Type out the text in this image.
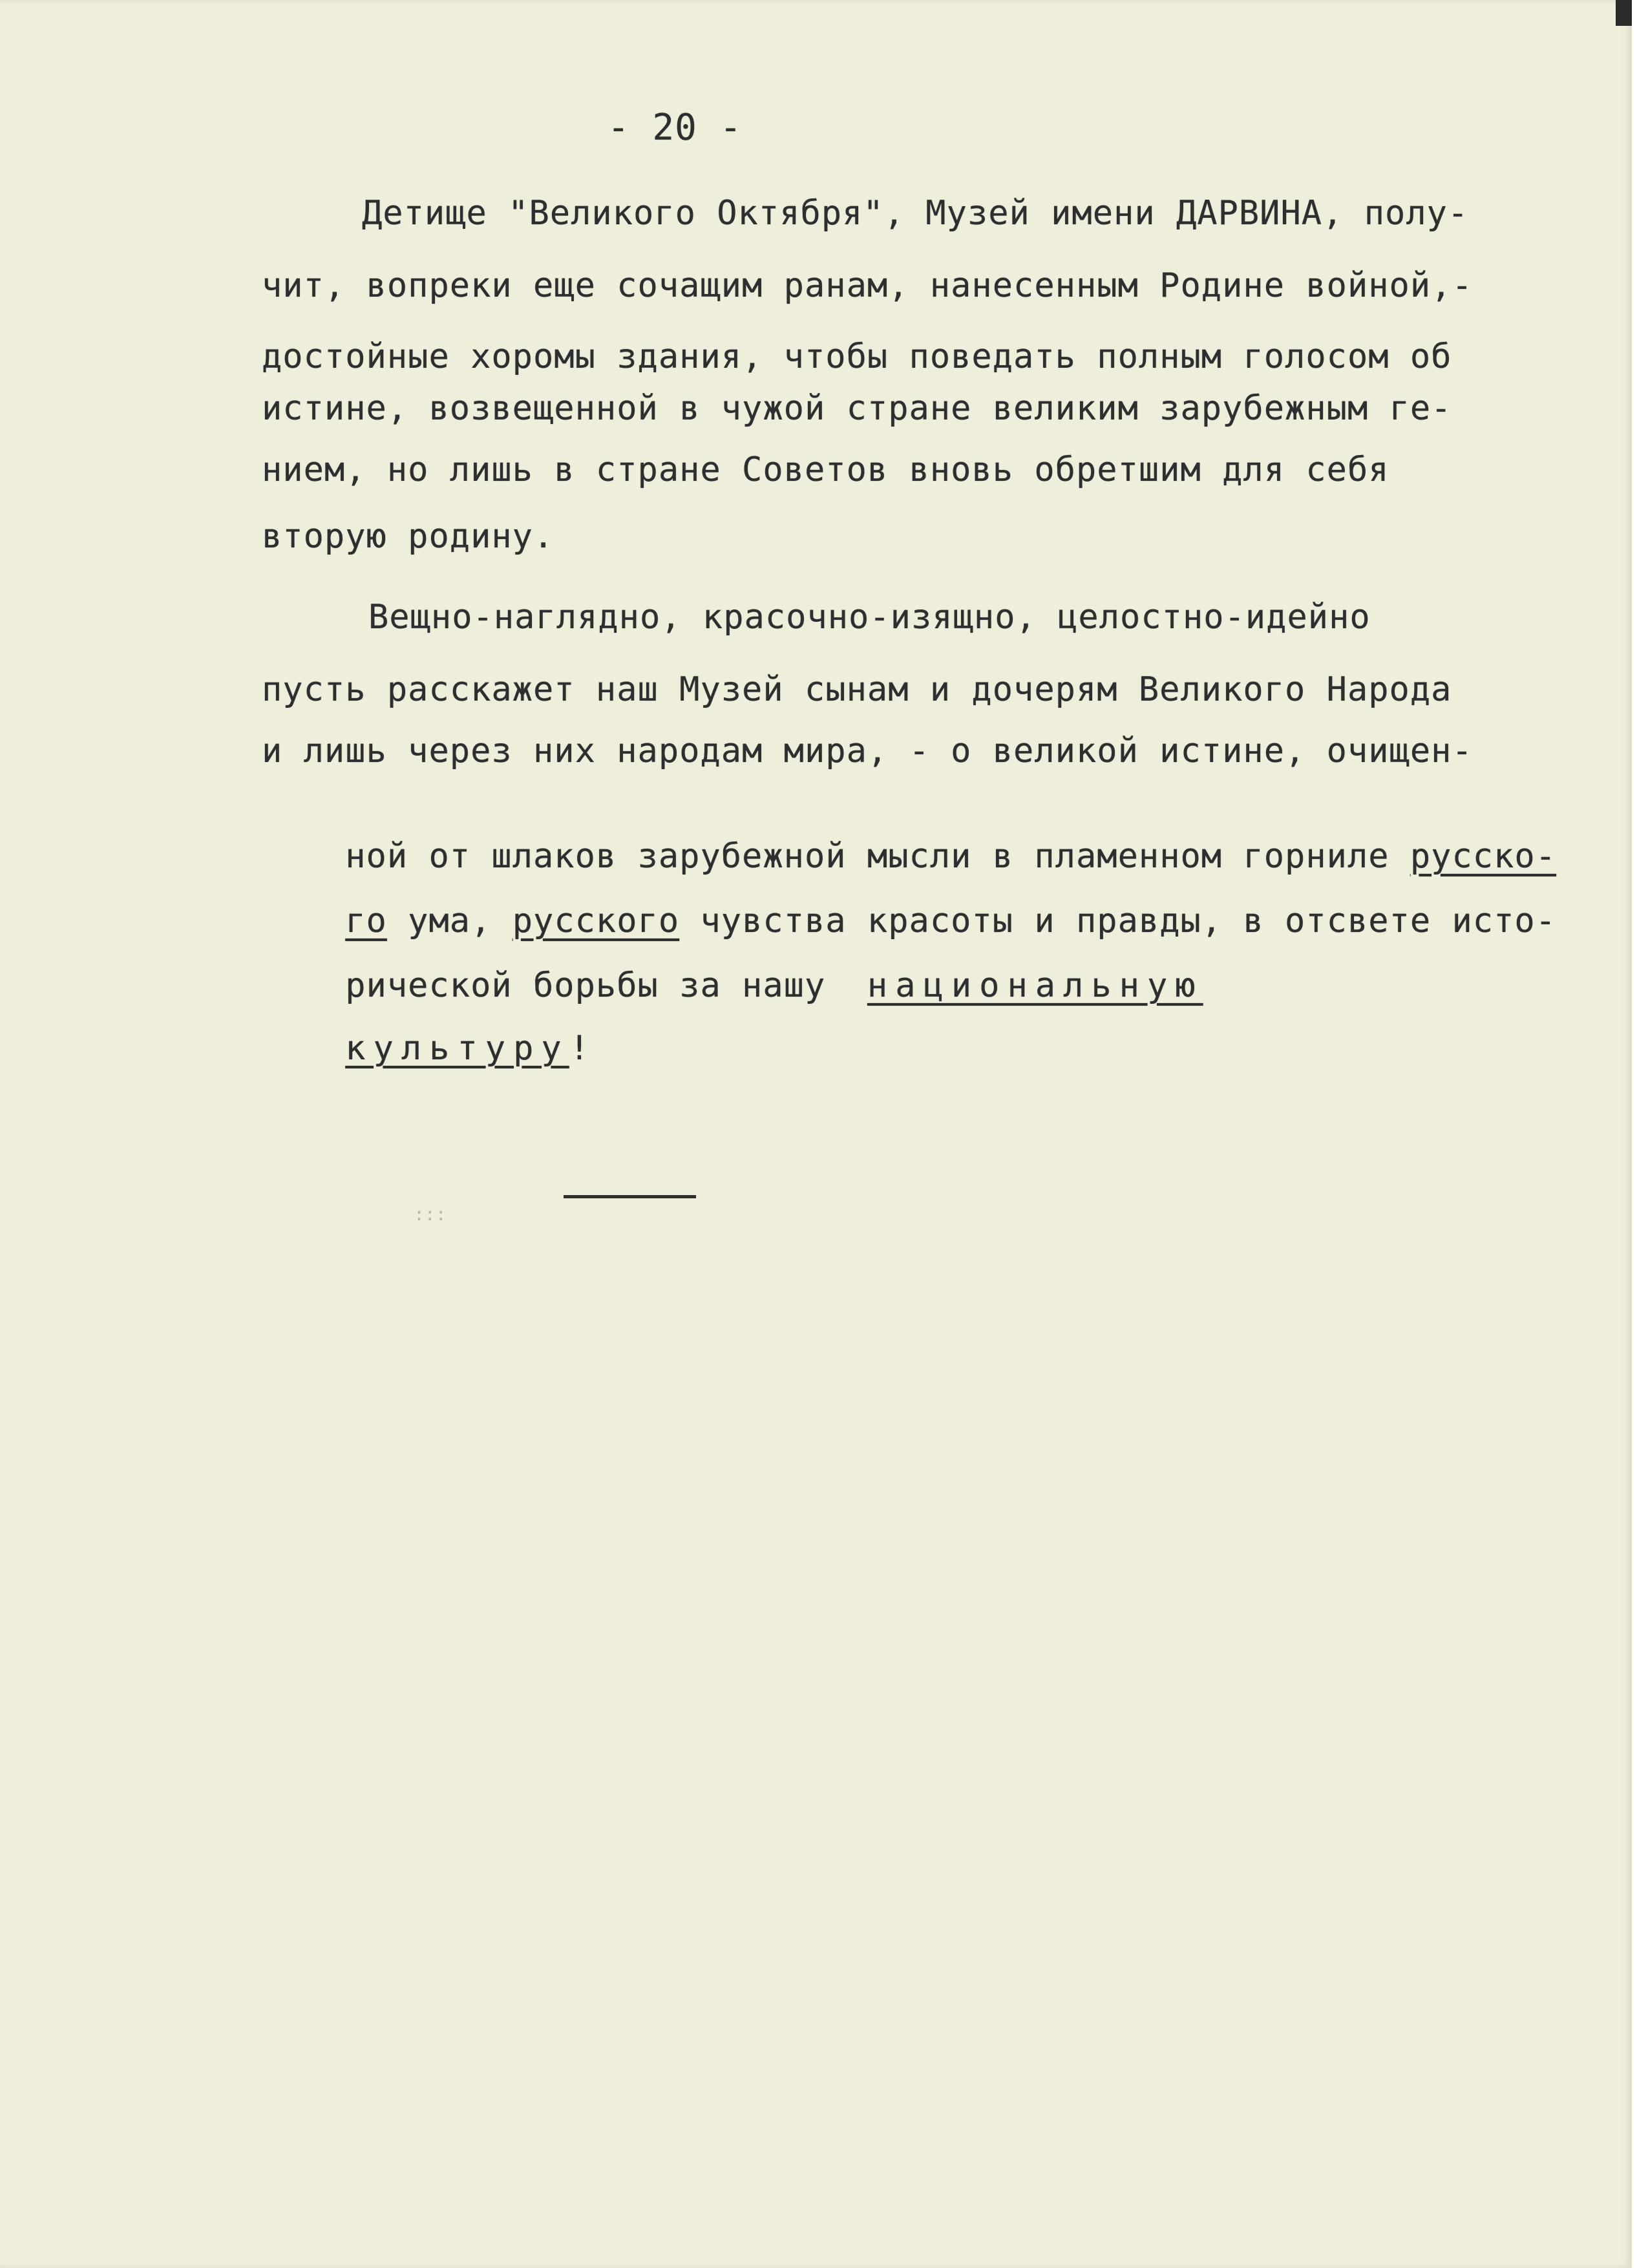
- 20 -
Детище "Великого Октября", Музей имени ДАРВИНА, полу-
чит, вопреки еще сочащим ранам, нанесенным Родине войной,-
достойные хоромы здания, чтобы поведать полным голосом об
истине, возвещенной в чужой стране великим зарубежным ге-
нием, но лишь в стране Советов вновь обретшим для себя
вторую родину.
Вещно-наглядно, красочно-изящно, целостно-идейно
пусть расскажет наш Музей сынам и дочерям Великого Народа
и лишь через них народам мира, - о великой истине, очищен-

ной от шлаков зарубежной мысли в пламенном горниле русско-

го ума, русского чувства красоты и правды, в отсвете исто-

рической борьбы за нашу  национальную

культуру!

:::
